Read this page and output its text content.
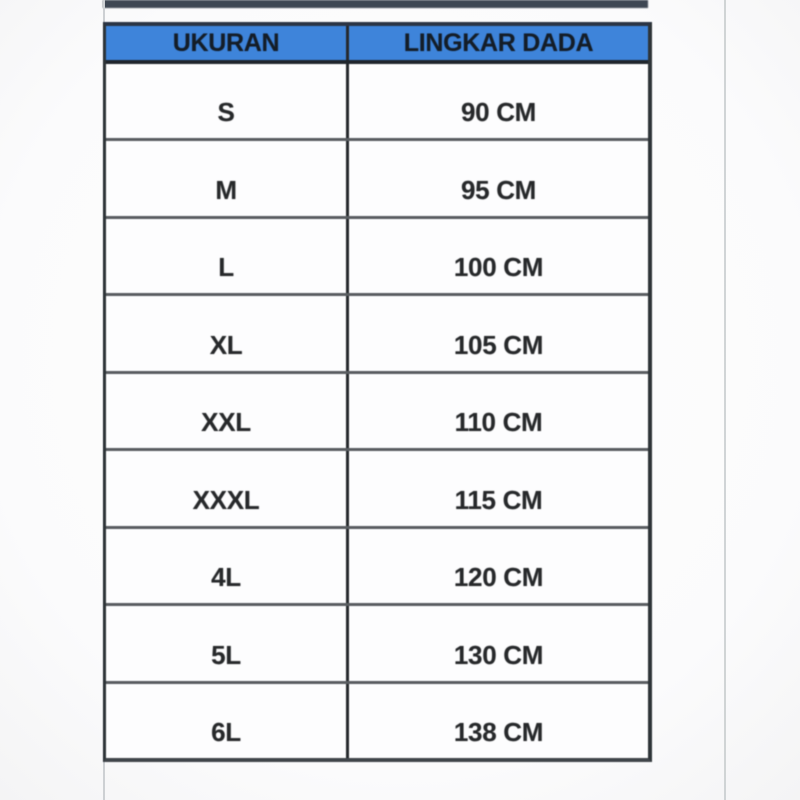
UKURAN	LINGKAR DADA
S	90 CM
M	95 CM
L	100 CM
XL	105 CM
XXL	110 CM
XXXL	115 CM
4L	120 CM
5L	130 CM
6L	138 CM
